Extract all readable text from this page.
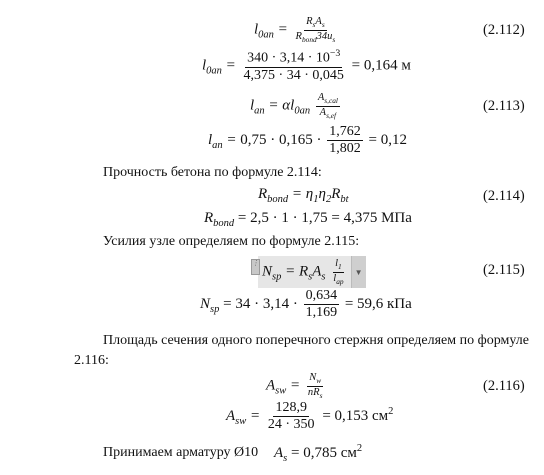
$l_{0an} = \frac{R_sA_s}{R_{bond}34u_s}$	(2.112)
$l_{0an} = \frac{340 \cdot 3,14 \cdot 10^{-3}}{4,375 \cdot 34 \cdot 0,045} = 0,164$ м
$l_{an} = \alpha l_{0an} \frac{A_{s,cal}}{A_{s,ef}}$	(2.113)
$l_{an} = 0,75 \cdot 0,165 \cdot \frac{1,762}{1,802} = 0,12$
Прочность бетона по формуле 2.114:
$R_{bond} = \eta_1\eta_2R_{bt}$	(2.114)
$R_{bond} = 2,5 \cdot 1 \cdot 1,75 = 4,375$ МПа
Усилия узле определяем по формуле 2.115:
⋮
$N_{sp} = R_sA_s \frac{l_1}{l_{ap}}$	▼	(2.115)
$N_{sp} = 34 \cdot 3,14 \cdot \frac{0,634}{1,169} = 59,6$ кПа
Площадь сечения одного поперечного стержня определяем по формуле
2.116:
$A_{sw} = \frac{N_w}{nR_s}$	(2.116)
$A_{sw} = \frac{128,9}{24 \cdot 350} = 0,153$ $см^2$
Принимаем арматуру Ø10 $A_s = 0,785$ $см^2$
